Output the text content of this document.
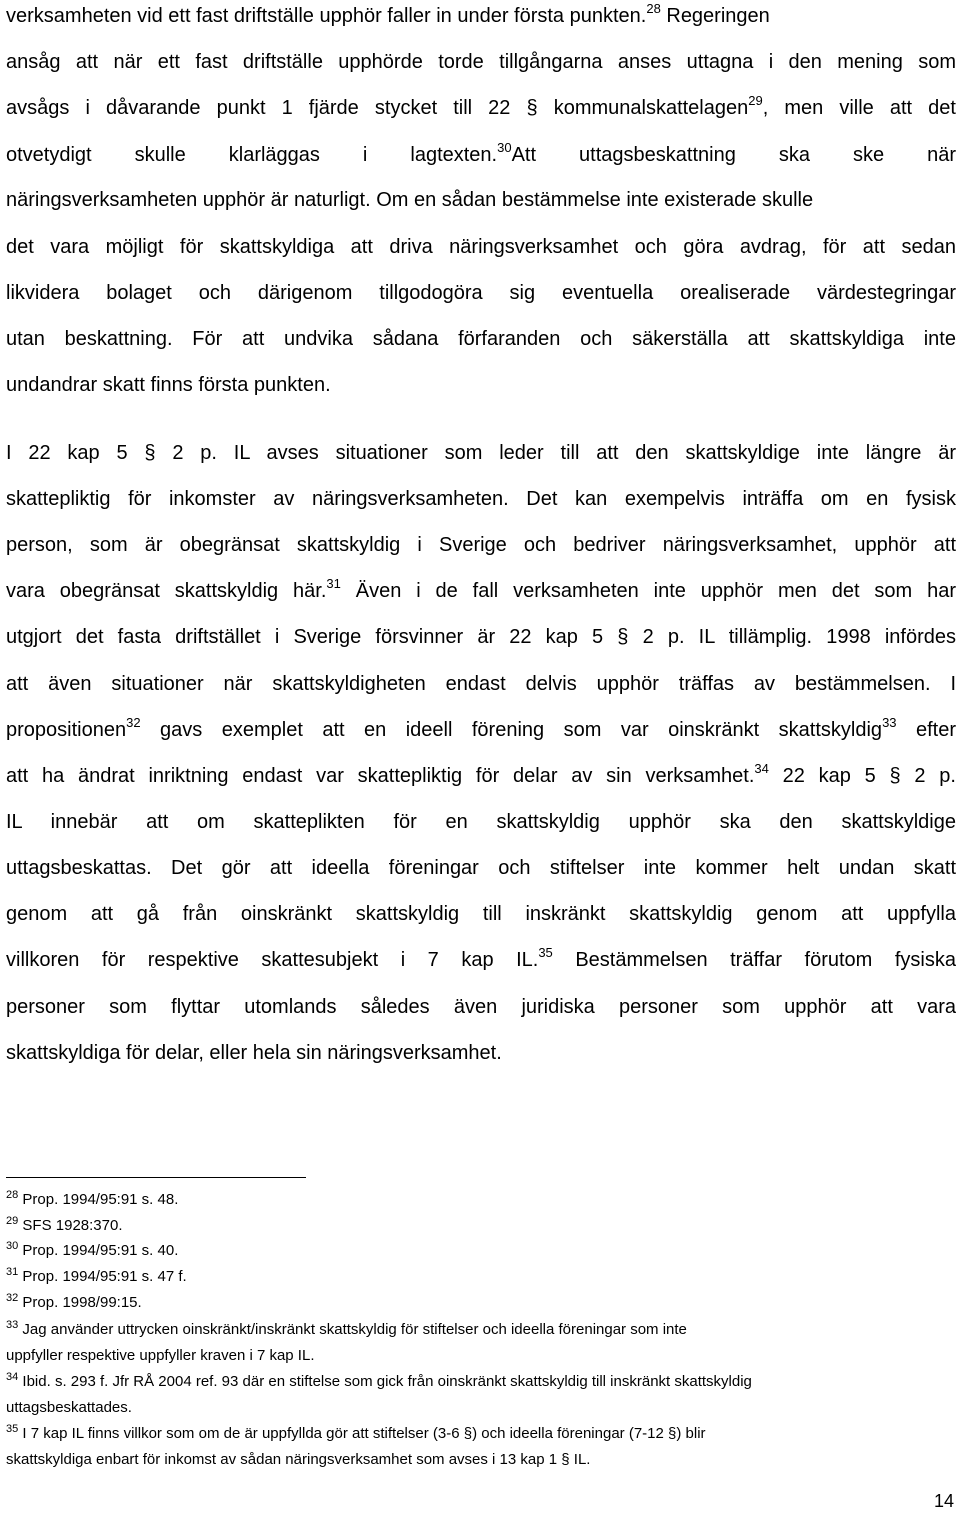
verksamheten vid ett fast driftställe upphör faller in under första punkten.$^{28}$ Regeringen
ansåg att när ett fast driftställe upphörde torde tillgångarna anses uttagna i den mening som
avsågs i dåvarande punkt 1 fjärde stycket till 22 § kommunalskattelagen$^{29}$, men ville att det
otvetydigt skulle klarläggas i lagtexten.$^{30}$Att uttagsbeskattning ska ske när
näringsverksamheten upphör är naturligt. Om en sådan bestämmelse inte existerade skulle
det vara möjligt för skattskyldiga att driva näringsverksamhet och göra avdrag, för att sedan
likvidera bolaget och därigenom tillgodogöra sig eventuella orealiserade värdestegringar
utan beskattning. För att undvika sådana förfaranden och säkerställa att skattskyldiga inte
undandrar skatt finns första punkten.
I 22 kap 5 § 2 p. IL avses situationer som leder till att den skattskyldige inte längre är
skattepliktig för inkomster av näringsverksamheten. Det kan exempelvis inträffa om en fysisk
person, som är obegränsat skattskyldig i Sverige och bedriver näringsverksamhet, upphör att
vara obegränsat skattskyldig här.$^{31}$ Även i de fall verksamheten inte upphör men det som har
utgjort det fasta driftstället i Sverige försvinner är 22 kap 5 § 2 p. IL tillämplig. 1998 infördes
att även situationer när skattskyldigheten endast delvis upphör träffas av bestämmelsen. I
propositionen$^{32}$ gavs exemplet att en ideell förening som var oinskränkt skattskyldig$^{33}$ efter
att ha ändrat inriktning endast var skattepliktig för delar av sin verksamhet.$^{34}$ 22 kap 5 § 2 p.
IL innebär att om skatteplikten för en skattskyldig upphör ska den skattskyldige
uttagsbeskattas. Det gör att ideella föreningar och stiftelser inte kommer helt undan skatt
genom att gå från oinskränkt skattskyldig till inskränkt skattskyldig genom att uppfylla
villkoren för respektive skattesubjekt i 7 kap IL.$^{35}$ Bestämmelsen träffar förutom fysiska
personer som flyttar utomlands således även juridiska personer som upphör att vara
skattskyldiga för delar, eller hela sin näringsverksamhet.
$^{28}$ Prop. 1994/95:91 s. 48.
$^{29}$ SFS 1928:370.
$^{30}$ Prop. 1994/95:91 s. 40.
$^{31}$ Prop. 1994/95:91 s. 47 f.
$^{32}$ Prop. 1998/99:15.
$^{33}$ Jag använder uttrycken oinskränkt/inskränkt skattskyldig för stiftelser och ideella föreningar som inte
uppfyller respektive uppfyller kraven i 7 kap IL.
$^{34}$ Ibid. s. 293 f. Jfr RÅ 2004 ref. 93 där en stiftelse som gick från oinskränkt skattskyldig till inskränkt skattskyldig
uttagsbeskattades.
$^{35}$ I 7 kap IL finns villkor som om de är uppfyllda gör att stiftelser (3-6 §) och ideella föreningar (7-12 §) blir
skattskyldiga enbart för inkomst av sådan näringsverksamhet som avses i 13 kap 1 § IL.
14
